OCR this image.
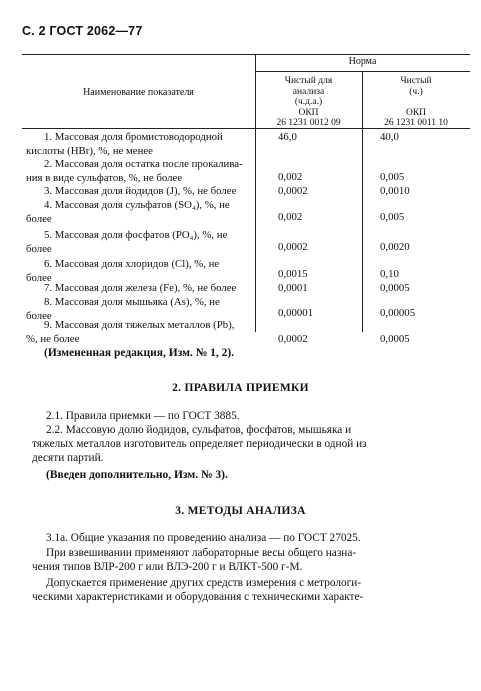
С. 2 ГОСТ 2062—77
Норма
Наименование показателя
Чистый для
анализа
(ч.д.а.)
ОКП
26 1231 0012 09
Чистый
(ч.)
ОКП
26 1231 0011 10
1. Массовая доля бромистоводородной
кислоты (HBr), %, не менее
46,0	40,0
2. Массовая доля остатка после прокалива-
ния в виде сульфатов, %, не более	0,002	0,005
3. Массовая доля йодидов (J), %, не более	0,0002	0,0010
4. Массовая доля сульфатов (SO₄), %, не
более	0,002	0,005
5. Массовая доля фосфатов (PO₄), %, не
более	0,0002	0,0020
6. Массовая доля хлоридов (Cl), %, не
более	0,0015	0,10
7. Массовая доля железа (Fe), %, не более	0,0001	0,0005
8. Массовая доля мышьяка (As), %, не
более	0,00001	0,00005
9. Массовая доля тяжелых металлов (Pb),
%, не более	0,0002	0,0005
(Измененная редакция, Изм. № 1, 2).
2. ПРАВИЛА ПРИЕМКИ
2.1. Правила приемки — по ГОСТ 3885.
2.2. Массовую долю йодидов, сульфатов, фосфатов, мышьяка и
тяжелых металлов изготовитель определяет периодически в одной из
десяти партий.
(Введен дополнительно, Изм. № 3).
3. МЕТОДЫ АНАЛИЗА
3.1а. Общие указания по проведению анализа — по ГОСТ 27025.
При взвешивании применяют лабораторные весы общего назна-
чения типов ВЛР-200 г или ВЛЭ-200 г и ВЛКТ-500 г-М.
Допускается применение других средств измерения с метрологи-
ческими характеристиками и оборудования с техническими характе-
